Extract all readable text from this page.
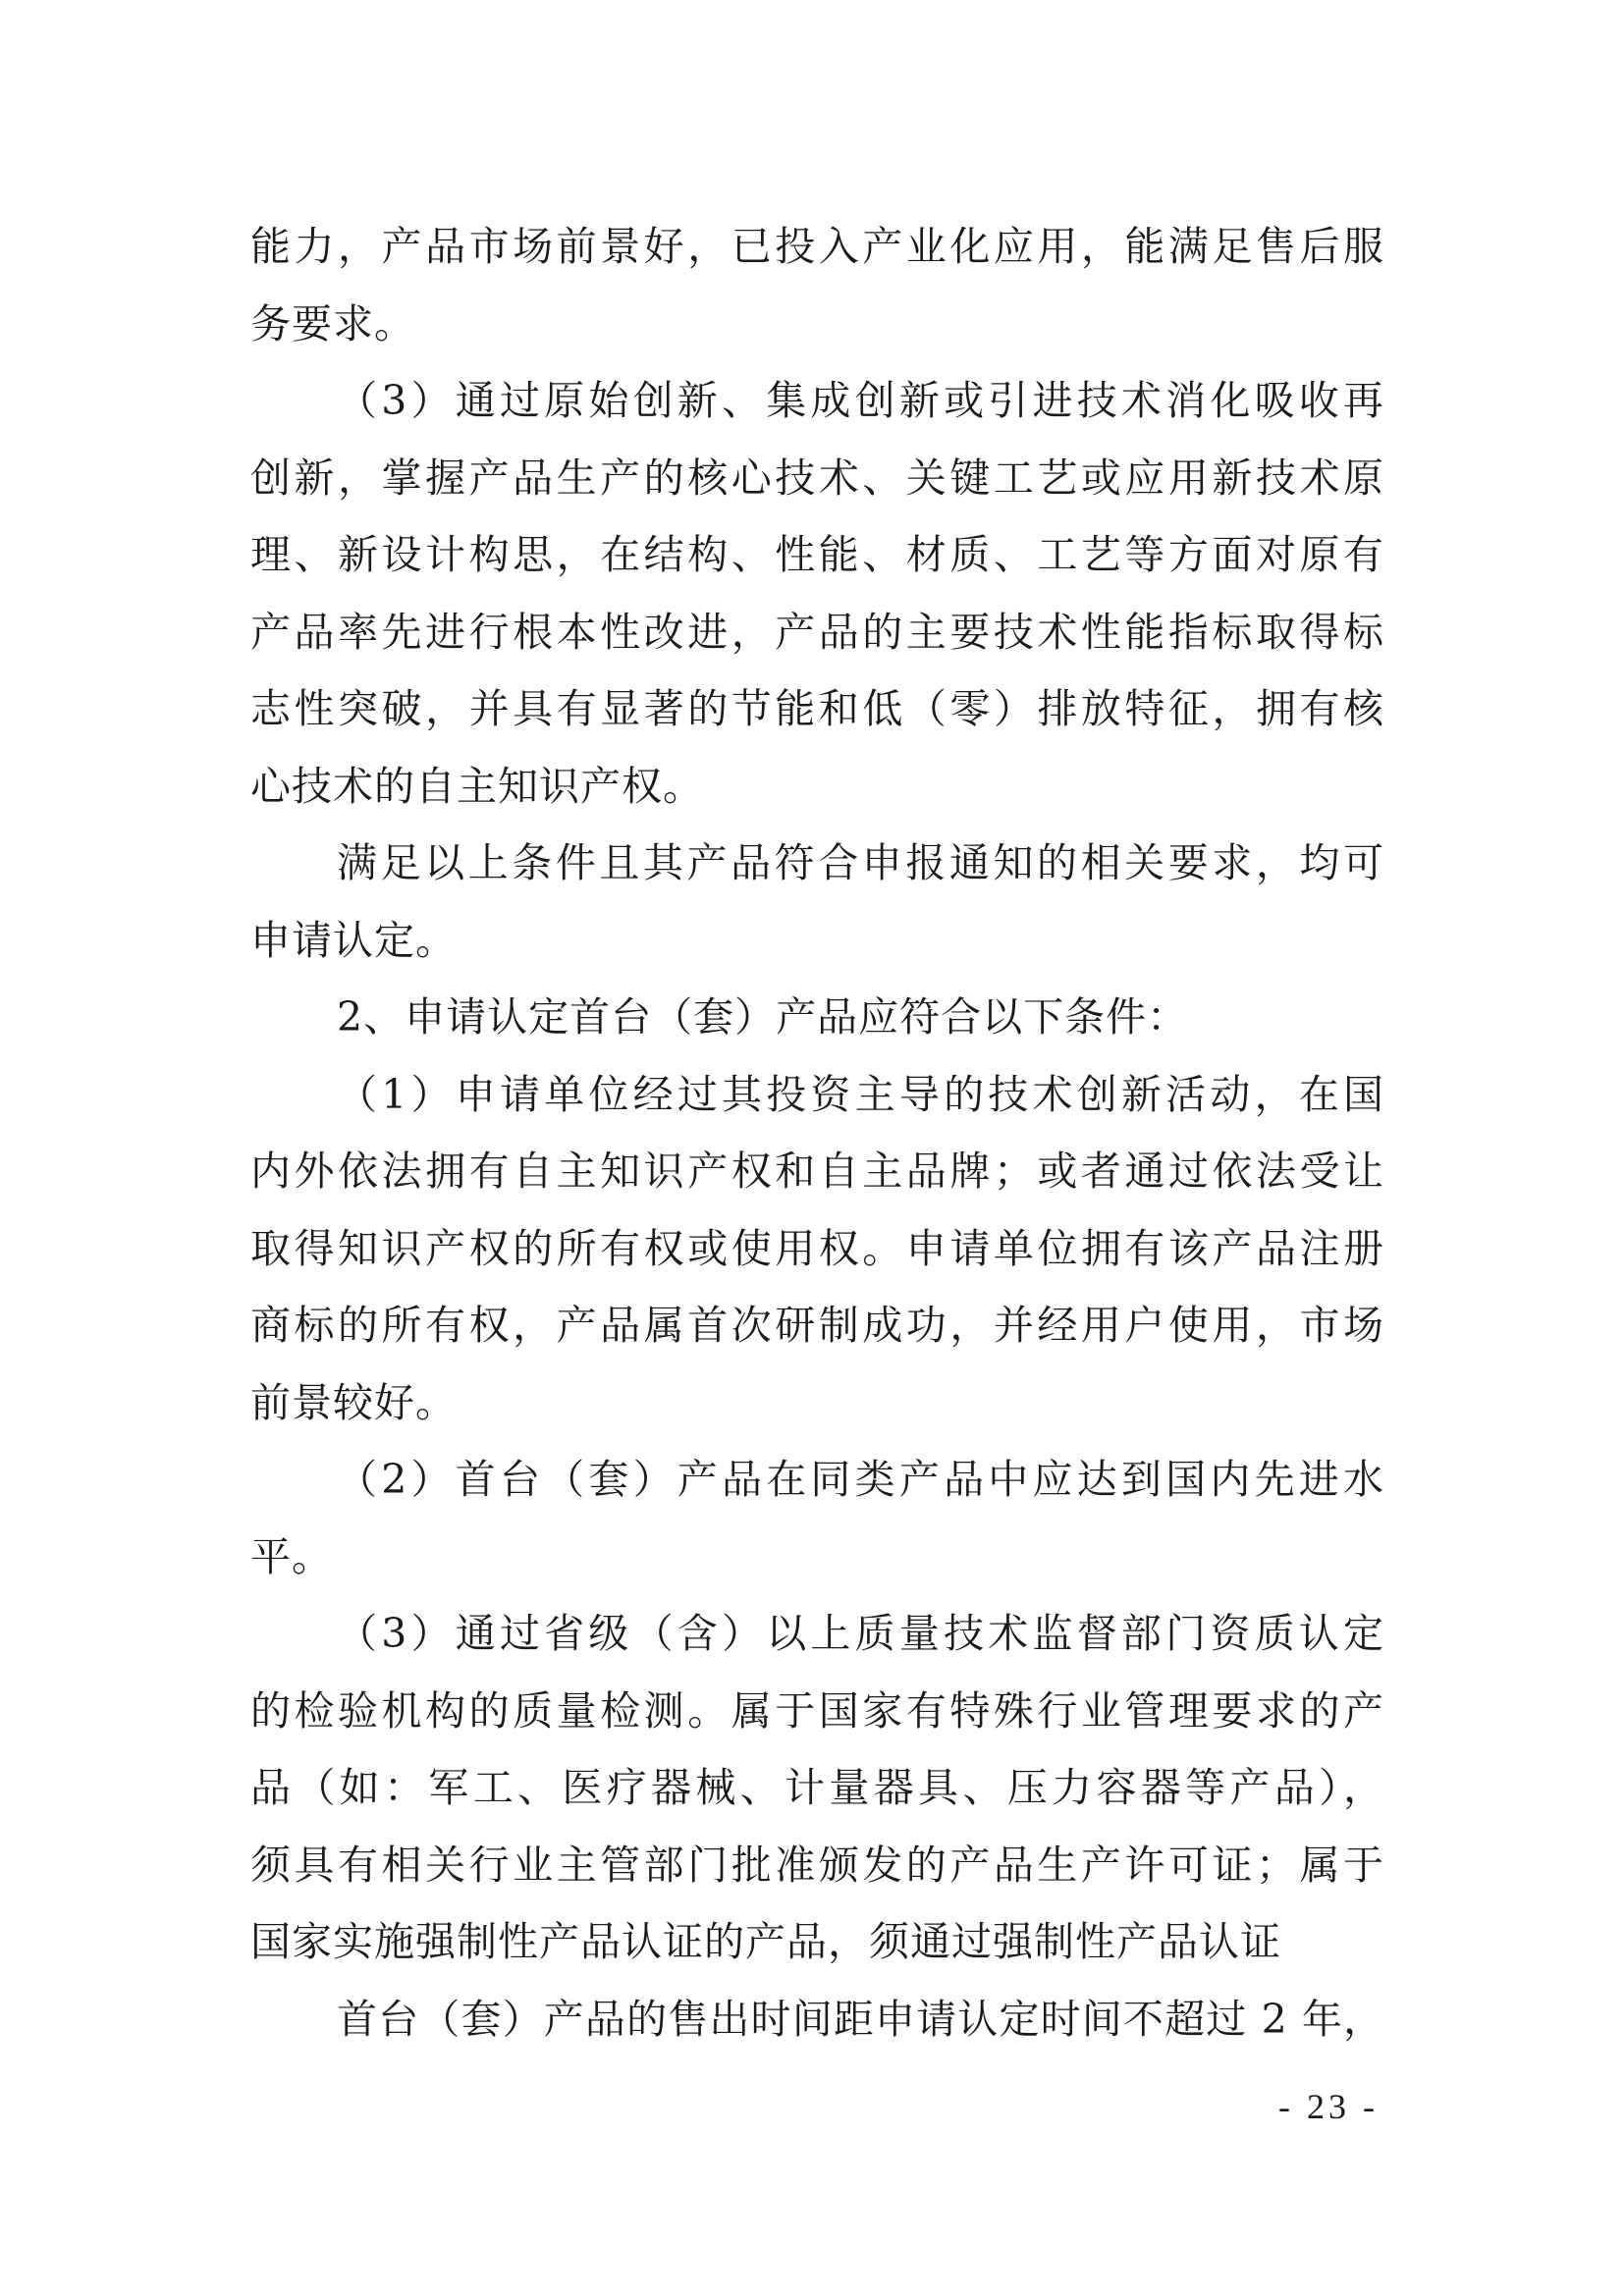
能力，产品市场前景好，已投入产业化应用，能满足售后服
务要求。
（3）通过原始创新、集成创新或引进技术消化吸收再
创新，掌握产品生产的核心技术、关键工艺或应用新技术原
理、新设计构思，在结构、性能、材质、工艺等方面对原有
产品率先进行根本性改进，产品的主要技术性能指标取得标
志性突破，并具有显著的节能和低（零）排放特征，拥有核
心技术的自主知识产权。
满足以上条件且其产品符合申报通知的相关要求，均可
申请认定。
2、申请认定首台（套）产品应符合以下条件：
（1）申请单位经过其投资主导的技术创新活动，在国
内外依法拥有自主知识产权和自主品牌；或者通过依法受让
取得知识产权的所有权或使用权。申请单位拥有该产品注册
商标的所有权，产品属首次研制成功，并经用户使用，市场
前景较好。
（2）首台（套）产品在同类产品中应达到国内先进水
平。
（3）通过省级（含）以上质量技术监督部门资质认定
的检验机构的质量检测。属于国家有特殊行业管理要求的产
品（如：军工、医疗器械、计量器具、压力容器等产品），
须具有相关行业主管部门批准颁发的产品生产许可证；属于
国家实施强制性产品认证的产品，须通过强制性产品认证
首台（套）产品的售出时间距申请认定时间不超过 2 年，
- 23 -
